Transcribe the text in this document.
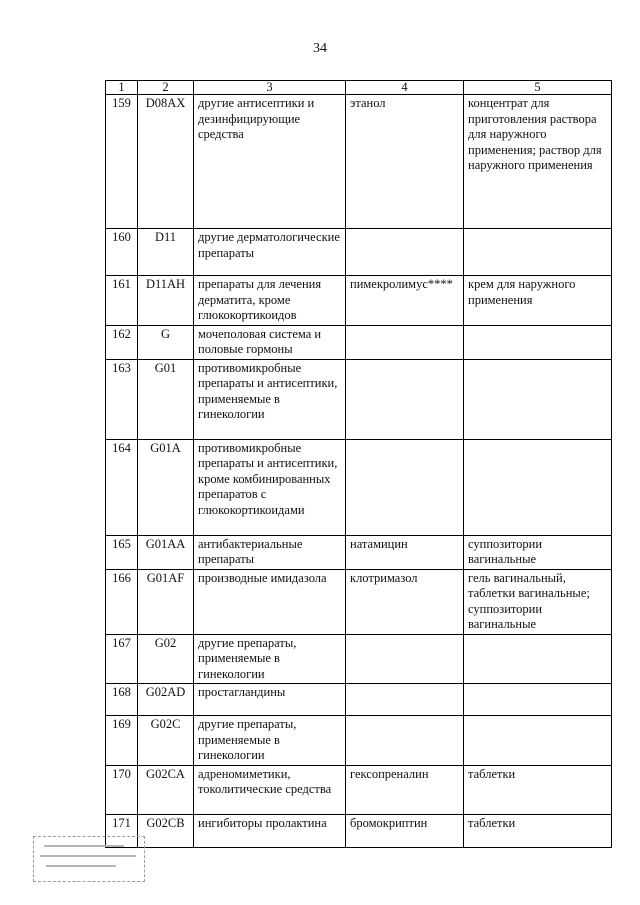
34
1	2	3	4	5
159	D08AX	другие антисептики и дезинфицирующие средства	этанол	концентрат для приготовления раствора для наружного применения; раствор для наружного применения
160	D11	другие дерматологические препараты		
161	D11AH	препараты для лечения дерматита, кроме глюкокортикоидов	пимекролимус****	крем для наружного применения
162	G	мочеполовая система и половые гормоны		
163	G01	противомикробные препараты и антисептики, применяемые в гинекологии		
164	G01A	противомикробные препараты и антисептики, кроме комбинированных препаратов с глюкокортикоидами		
165	G01AA	антибактериальные препараты	натамицин	суппозитории вагинальные
166	G01AF	производные имидазола	клотримазол	гель вагинальный, таблетки вагинальные; суппозитории вагинальные
167	G02	другие препараты, применяемые в гинекологии		
168	G02AD	простагландины		
169	G02C	другие препараты, применяемые в гинекологии		
170	G02CA	адреномиметики, токолитические средства	гексопреналин	таблетки
171	G02CB	ингибиторы пролактина	бромокриптин	таблетки
